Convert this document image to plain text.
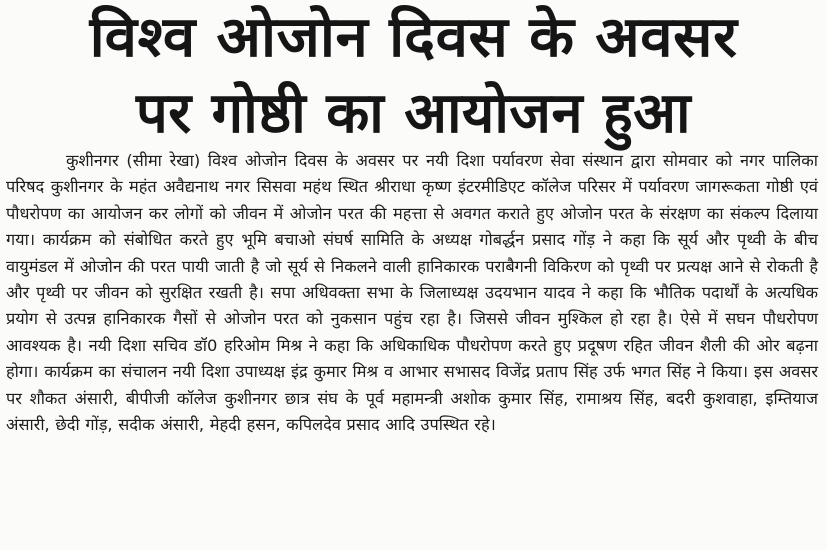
विश्व ओजोन दिवस के अवसर
पर गोष्ठी का आयोजन हुआ

कुशीनगर (सीमा रेखा) विश्व ओजोन दिवस के अवसर पर नयी दिशा पर्यावरण सेवा संस्थान द्वारा सोमवार को नगर पालिका परिषद कुशीनगर के महंत अवैद्यनाथ नगर सिसवा महंथ स्थित श्रीराधा कृष्ण इंटरमीडिएट कॉलेज परिसर में पर्यावरण जागरूकता गोष्ठी एवं पौधरोपण का आयोजन कर लोगों को जीवन में ओजोन परत की महत्ता से अवगत कराते हुए ओजोन परत के संरक्षण का संकल्प दिलाया गया। कार्यक्रम को संबोधित करते हुए भूमि बचाओ संघर्ष सामिति के अध्यक्ष गोबर्द्धन प्रसाद गोंड़ ने कहा कि सूर्य और पृथ्वी के बीच वायुमंडल में ओजोन की परत पायी जाती है जो सूर्य से निकलने वाली हानिकारक पराबैगनी विकिरण को पृथ्वी पर प्रत्यक्ष आने से रोकती है और पृथ्वी पर जीवन को सुरक्षित रखती है। सपा अधिवक्ता सभा के जिलाध्यक्ष उदयभान यादव ने कहा कि भौतिक पदार्थों के अत्यधिक प्रयोग से उत्पन्न हानिकारक गैसों से ओजोन परत को नुकसान पहुंच रहा है। जिससे जीवन मुश्किल हो रहा है। ऐसे में सघन पौधरोपण आवश्यक है। नयी दिशा सचिव डॉ0 हरिओम मिश्र ने कहा कि अधिकाधिक पौधरोपण करते हुए प्रदूषण रहित जीवन शैली की ओर बढ़ना होगा। कार्यक्रम का संचालन नयी दिशा उपाध्यक्ष इंद्र कुमार मिश्र व आभार सभासद विजेंद्र प्रताप सिंह उर्फ भगत सिंह ने किया। इस अवसर पर शौकत अंसारी, बीपीजी कॉलेज कुशीनगर छात्र संघ के पूर्व महामन्त्री अशोक कुमार सिंह, रामाश्रय सिंह, बदरी कुशवाहा, इम्तियाज अंसारी, छेदी गोंड़, सदीक अंसारी, मेहदी हसन, कपिलदेव प्रसाद आदि उपस्थित रहे।
